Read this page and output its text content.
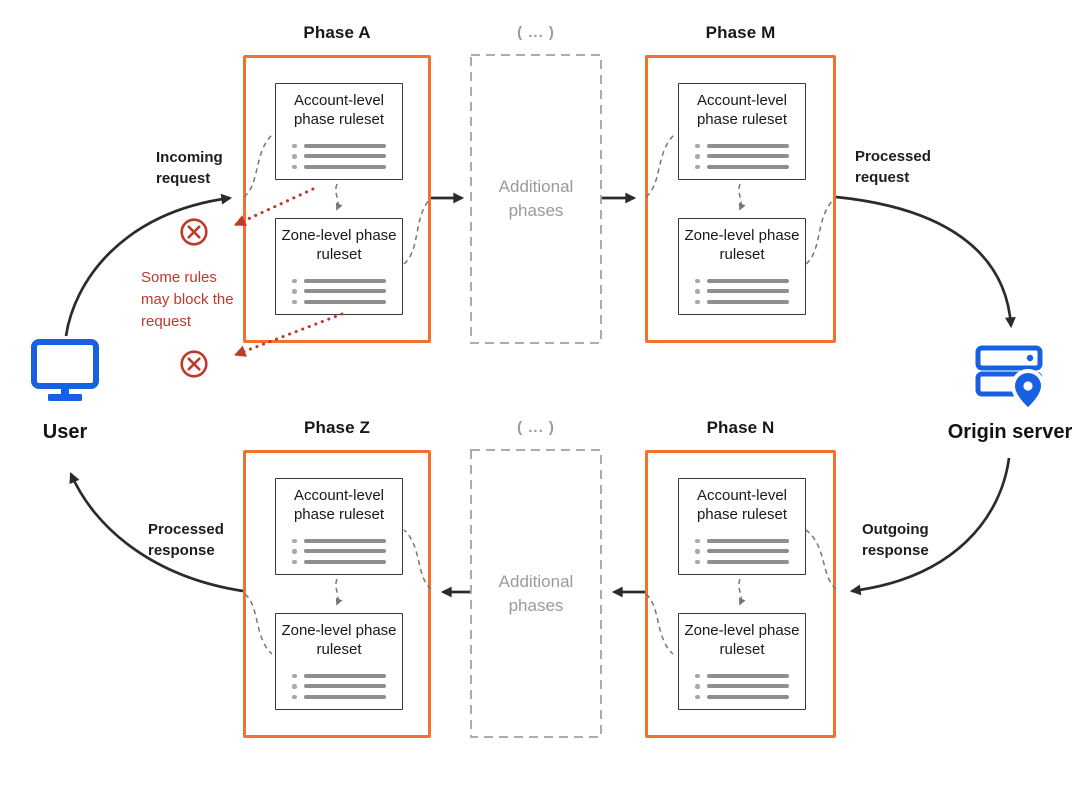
Phase A
Account-level phase ruleset
Zone-level phase ruleset
( ... )
Additional phases
Phase M
Account-level phase ruleset
Zone-level phase ruleset
Phase Z
Account-level phase ruleset
Zone-level phase ruleset
( ... )
Additional phases
Phase N
Account-level phase ruleset
Zone-level phase ruleset
User	Origin server
Incoming request
Processed request
Outgoing response
Processed response
Some rules may block the request
